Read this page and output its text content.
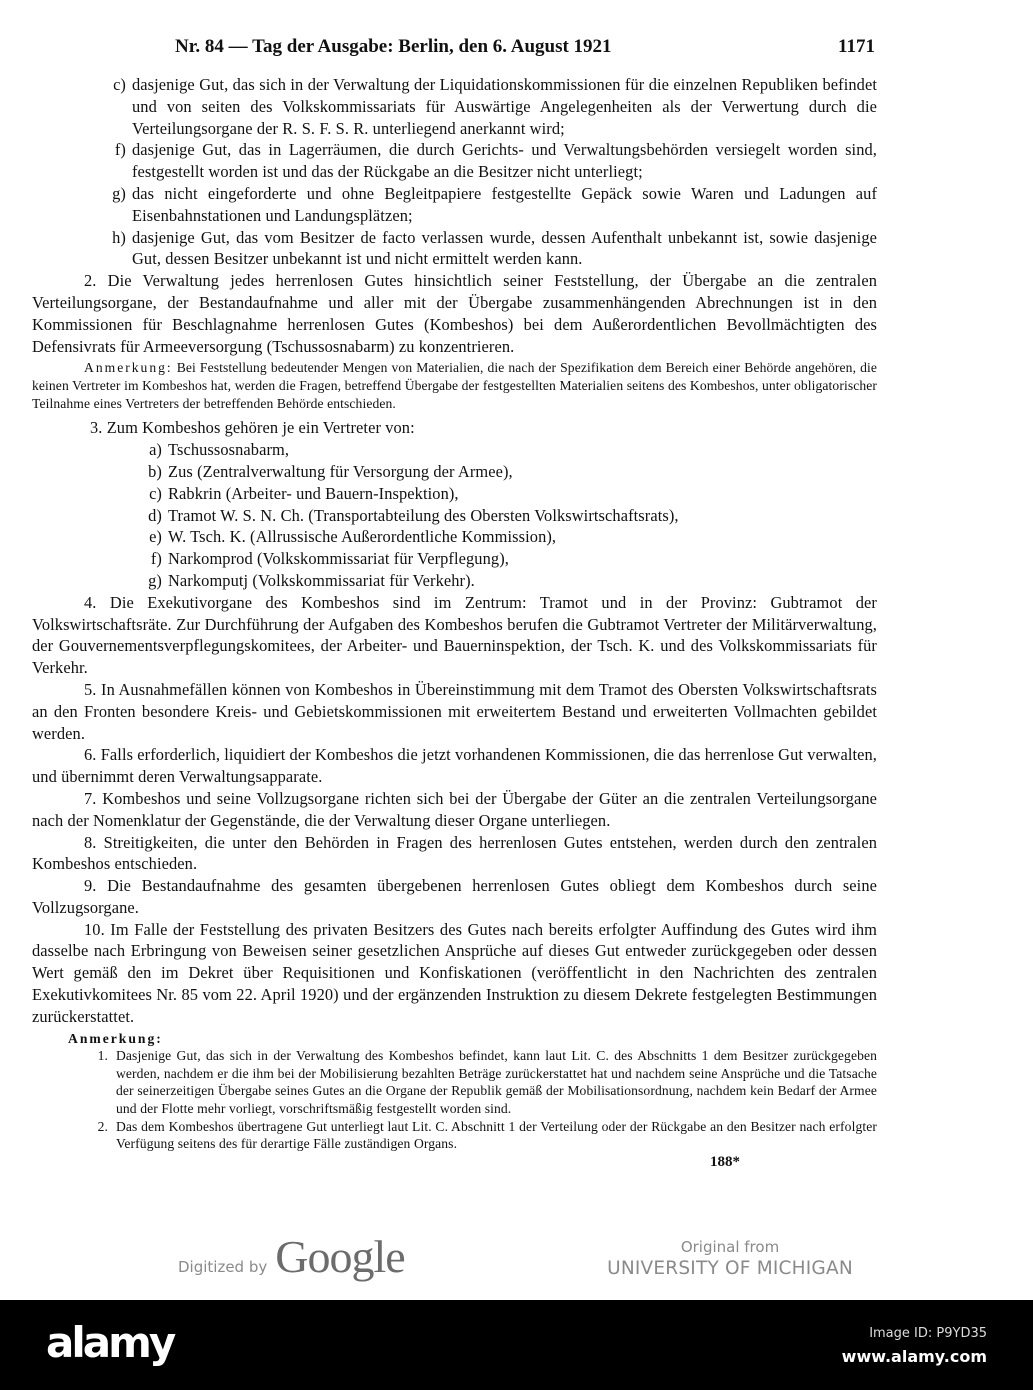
Nr. 84 — Tag der Ausgabe: Berlin, den 6. August 1921	1171
c) dasjenige Gut, das sich in der Verwaltung der Liquidationskommissionen für die einzelnen Republiken befindet und von seiten des Volkskommissariats für Auswärtige Angelegenheiten als der Verwertung durch die Verteilungsorgane der R. S. F. S. R. unterliegend anerkannt wird;
f) dasjenige Gut, das in Lagerräumen, die durch Gerichts- und Verwaltungsbehörden versiegelt worden sind, festgestellt worden ist und das der Rückgabe an die Besitzer nicht unterliegt;
g) das nicht eingeforderte und ohne Begleitpapiere festgestellte Gepäck sowie Waren und Ladungen auf Eisenbahnstationen und Landungsplätzen;
h) dasjenige Gut, das vom Besitzer de facto verlassen wurde, dessen Aufenthalt unbekannt ist, sowie dasjenige Gut, dessen Besitzer unbekannt ist und nicht ermittelt werden kann.

2. Die Verwaltung jedes herrenlosen Gutes hinsichtlich seiner Feststellung, der Übergabe an die zentralen Verteilungsorgane, der Bestandaufnahme und aller mit der Übergabe zusammenhängenden Abrechnungen ist in den Kommissionen für Beschlagnahme herrenlosen Gutes (Kombeshos) bei dem Außerordentlichen Bevollmächtigten des Defensivrats für Armeeversorgung (Tschussosnabarm) zu konzentrieren.

Anmerkung: Bei Feststellung bedeutender Mengen von Materialien, die nach der Spezifikation dem Bereich einer Behörde angehören, die keinen Vertreter im Kombeshos hat, werden die Fragen, betreffend Übergabe der festgestellten Materialien seitens des Kombeshos, unter obligatorischer Teilnahme eines Vertreters der betreffenden Behörde entschieden.

3. Zum Kombeshos gehören je ein Vertreter von:
a) Tschussosnabarm,
b) Zus (Zentralverwaltung für Versorgung der Armee),
c) Rabkrin (Arbeiter- und Bauern-Inspektion),
d) Tramot W. S. N. Ch. (Transportabteilung des Obersten Volkswirtschaftsrats),
e) W. Tsch. K. (Allrussische Außerordentliche Kommission),
f) Narkomprod (Volkskommissariat für Verpflegung),
g) Narkomputj (Volkskommissariat für Verkehr).

4. Die Exekutivorgane des Kombeshos sind im Zentrum: Tramot und in der Provinz: Gubtramot der Volkswirtschaftsräte. Zur Durchführung der Aufgaben des Kombeshos berufen die Gubtramot Vertreter der Militärverwaltung, der Gouvernementsverpflegungskomitees, der Arbeiter- und Bauerninspektion, der Tsch. K. und des Volkskommissariats für Verkehr.

5. In Ausnahmefällen können von Kombeshos in Übereinstimmung mit dem Tramot des Obersten Volkswirtschaftsrats an den Fronten besondere Kreis- und Gebietskommissionen mit erweitertem Bestand und erweiterten Vollmachten gebildet werden.

6. Falls erforderlich, liquidiert der Kombeshos die jetzt vorhandenen Kommissionen, die das herrenlose Gut verwalten, und übernimmt deren Verwaltungsapparate.

7. Kombeshos und seine Vollzugsorgane richten sich bei der Übergabe der Güter an die zentralen Verteilungsorgane nach der Nomenklatur der Gegenstände, die der Verwaltung dieser Organe unterliegen.

8. Streitigkeiten, die unter den Behörden in Fragen des herrenlosen Gutes entstehen, werden durch den zentralen Kombeshos entschieden.

9. Die Bestandaufnahme des gesamten übergebenen herrenlosen Gutes obliegt dem Kombeshos durch seine Vollzugsorgane.

10. Im Falle der Feststellung des privaten Besitzers des Gutes nach bereits erfolgter Auffindung des Gutes wird ihm dasselbe nach Erbringung von Beweisen seiner gesetzlichen Ansprüche auf dieses Gut entweder zurückgegeben oder dessen Wert gemäß den im Dekret über Requisitionen und Konfiskationen (veröffentlicht in den Nachrichten des zentralen Exekutivkomitees Nr. 85 vom 22. April 1920) und der ergänzenden Instruktion zu diesem Dekrete festgelegten Bestimmungen zurückerstattet.

Anmerkung:
1. Dasjenige Gut, das sich in der Verwaltung des Kombeshos befindet, kann laut Lit. C. des Abschnitts 1 dem Besitzer zurückgegeben werden, nachdem er die ihm bei der Mobilisierung bezahlten Beträge zurückerstattet hat und nachdem seine Ansprüche und die Tatsache der seinerzeitigen Übergabe seines Gutes an die Organe der Republik gemäß der Mobilisationsordnung, nachdem kein Bedarf der Armee und der Flotte mehr vorliegt, vorschriftsmäßig festgestellt worden sind.
2. Das dem Kombeshos übertragene Gut unterliegt laut Lit. C. Abschnitt 1 der Verteilung oder der Rückgabe an den Besitzer nach erfolgter Verfügung seitens des für derartige Fälle zuständigen Organs.
188*
Digitized by Google	Original from
UNIVERSITY OF MICHIGAN
alamy	Image ID: P9YD35
www.alamy.com
